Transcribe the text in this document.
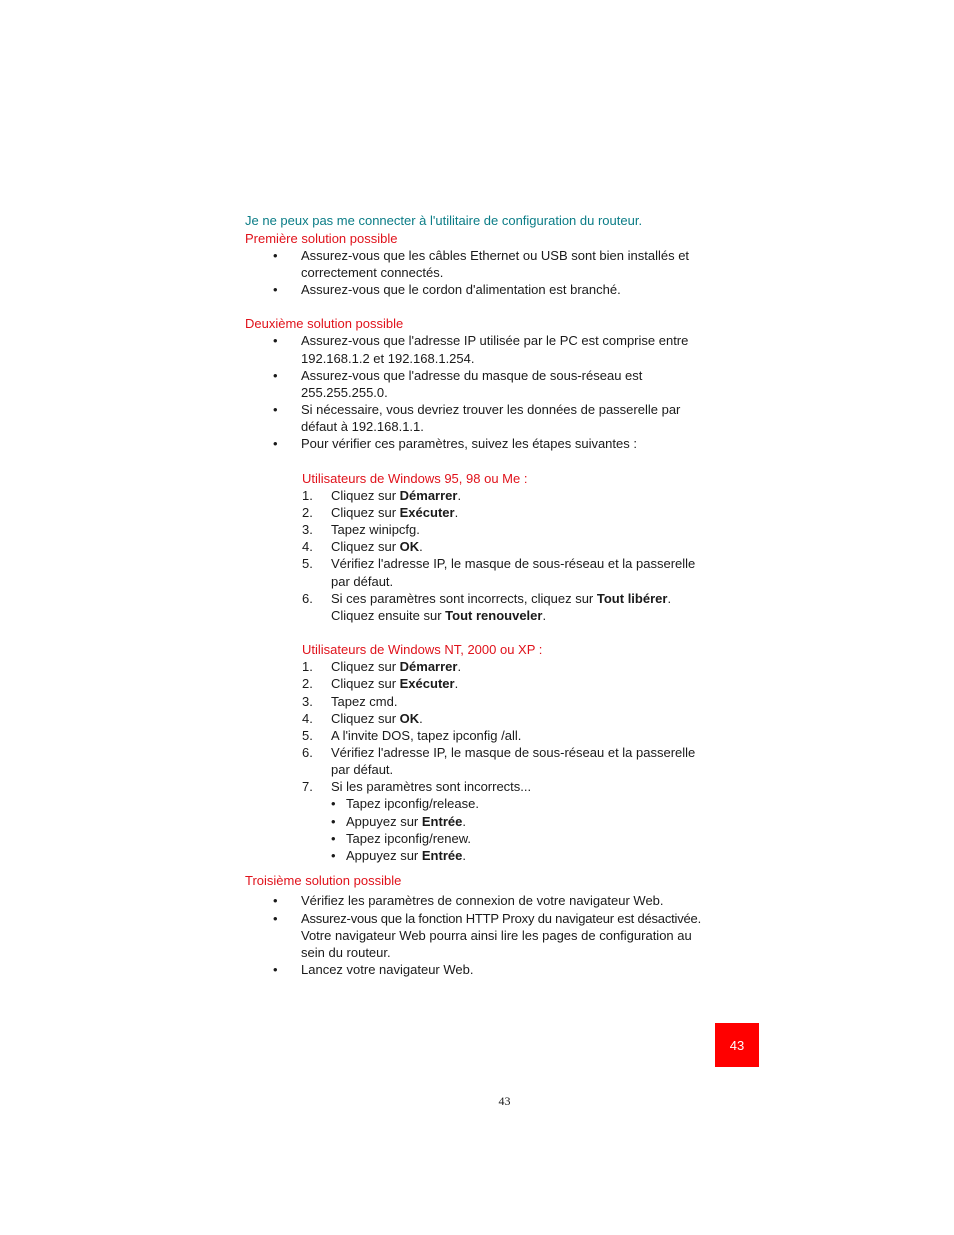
Je ne peux pas me connecter à l'utilitaire de configuration du routeur.
Première solution possible
• Assurez-vous que les câbles Ethernet ou USB sont bien installés et
correctement connectés.
• Assurez-vous que le cordon d'alimentation est branché.
Deuxième solution possible
• Assurez-vous que l'adresse IP utilisée par le PC est comprise entre
192.168.1.2 et 192.168.1.254.
• Assurez-vous que l'adresse du masque de sous-réseau est
255.255.255.0.
• Si nécessaire, vous devriez trouver les données de passerelle par
défaut à 192.168.1.1.
• Pour vérifier ces paramètres, suivez les étapes suivantes :
Utilisateurs de Windows 95, 98 ou Me :
1. Cliquez sur Démarrer.
2. Cliquez sur Exécuter.
3. Tapez winipcfg.
4. Cliquez sur OK.
5. Vérifiez l'adresse IP, le masque de sous-réseau et la passerelle
par défaut.
6. Si ces paramètres sont incorrects, cliquez sur Tout libérer.
Cliquez ensuite sur Tout renouveler.
Utilisateurs de Windows NT, 2000 ou XP :
1. Cliquez sur Démarrer.
2. Cliquez sur Exécuter.
3. Tapez cmd.
4. Cliquez sur OK.
5. A l'invite DOS, tapez ipconfig /all.
6. Vérifiez l'adresse IP, le masque de sous-réseau et la passerelle
par défaut.
7. Si les paramètres sont incorrects...
• Tapez ipconfig/release.
• Appuyez sur Entrée.
• Tapez ipconfig/renew.
• Appuyez sur Entrée.
Troisième solution possible
• Vérifiez les paramètres de connexion de votre navigateur Web.
• Assurez-vous que la fonction HTTP Proxy du navigateur est désactivée.
Votre navigateur Web pourra ainsi lire les pages de configuration au
sein du routeur.
• Lancez votre navigateur Web.
43
43
